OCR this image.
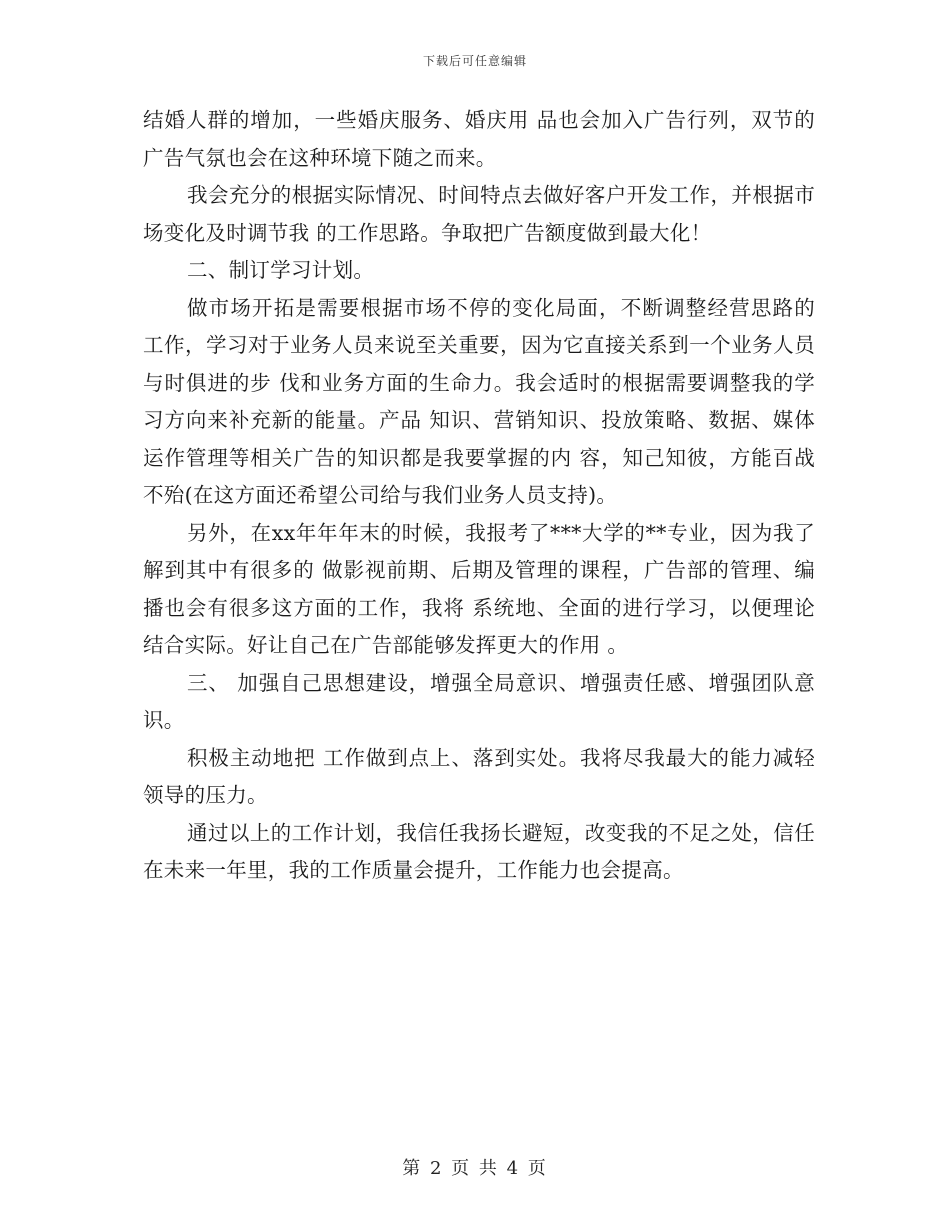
下载后可任意编辑

结婚人群的增加，一些婚庆服务、婚庆用 品也会加入广告行列，双节的广告气氛也会在这种环境下随之而来。

我会充分的根据实际情况、时间特点去做好客户开发工作，并根据市场变化及时调节我 的工作思路。争取把广告额度做到最大化！

二、制订学习计划。

做市场开拓是需要根据市场不停的变化局面，不断调整经营思路的 工作，学习对于业务人员来说至关重要，因为它直接关系到一个业务人员与时俱进的步 伐和业务方面的生命力。我会适时的根据需要调整我的学习方向来补充新的能量。产品 知识、营销知识、投放策略、数据、媒体运作管理等相关广告的知识都是我要掌握的内 容，知己知彼，方能百战不殆(在这方面还希望公司给与我们业务人员支持)。

另外，在xx年年年末的时候，我报考了***大学的**专业，因为我了解到其中有很多的 做影视前期、后期及管理的课程，广告部的管理、编播也会有很多这方面的工作，我将 系统地、全面的进行学习，以便理论结合实际。好让自己在广告部能够发挥更大的作用 。

三、 加强自己思想建设，增强全局意识、增强责任感、增强团队意识。

积极主动地把 工作做到点上、落到实处。我将尽我最大的能力减轻领导的压力。

通过以上的工作计划，我信任我扬长避短，改变我的不足之处，信任在未来一年里，我的工作质量会提升，工作能力也会提高。

第 2 页 共 4 页
